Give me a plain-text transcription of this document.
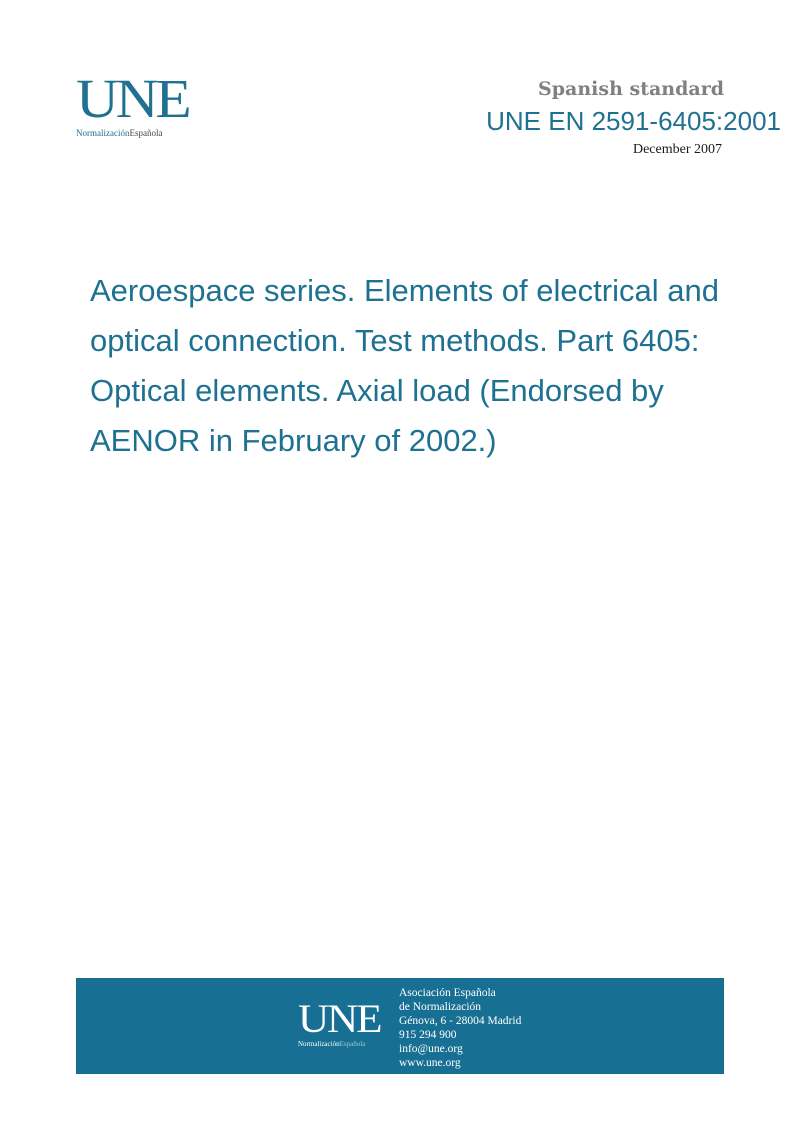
UNE
NormalizaciónEspañola
Spanish standard
UNE EN 2591-6405:2001
December 2007
Aeroespace series. Elements of electrical and optical connection. Test methods. Part 6405: Optical elements. Axial load (Endorsed by AENOR in February of 2002.)
UNE
NormalizaciónEspañola
Asociación Española
de Normalización
Génova, 6 - 28004 Madrid
915 294 900
info@une.org
www.une.org
